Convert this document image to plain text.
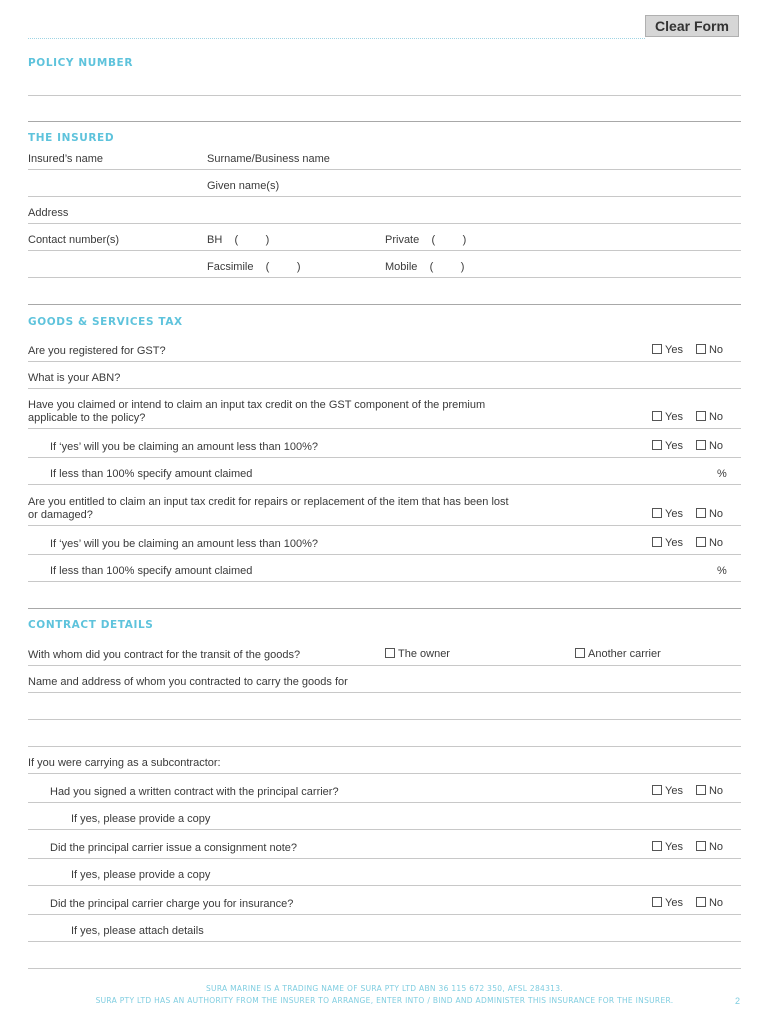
Clear Form
POLICY NUMBER
THE INSURED
Insured’s name	Surname/Business name
Given name(s)
Address
Contact number(s)	BH    (         )	Private    (         )
Facsimile    (         )	Mobile    (         )
GOODS & SERVICES TAX
Are you registered for GST?	Yes No
What is your ABN?
Have you claimed or intend to claim an input tax credit on the GST component of the premium
applicable to the policy?	Yes No
If ‘yes’ will you be claiming an amount less than 100%?	Yes No
If less than 100% specify amount claimed	%
Are you entitled to claim an input tax credit for repairs or replacement of the item that has been lost
or damaged?	Yes No
If ‘yes’ will you be claiming an amount less than 100%?	Yes No
If less than 100% specify amount claimed	%
CONTRACT DETAILS
With whom did you contract for the transit of the goods?	The owner	Another carrier
Name and address of whom you contracted to carry the goods for
If you were carrying as a subcontractor:
Had you signed a written contract with the principal carrier?	Yes No
If yes, please provide a copy
Did the principal carrier issue a consignment note?	Yes No
If yes, please provide a copy
Did the principal carrier charge you for insurance?	Yes No
If yes, please attach details
SURA MARINE IS A TRADING NAME OF SURA PTY LTD ABN 36 115 672 350, AFSL 284313.
SURA PTY LTD HAS AN AUTHORITY FROM THE INSURER TO ARRANGE, ENTER INTO / BIND AND ADMINISTER THIS INSURANCE FOR THE INSURER.	2
